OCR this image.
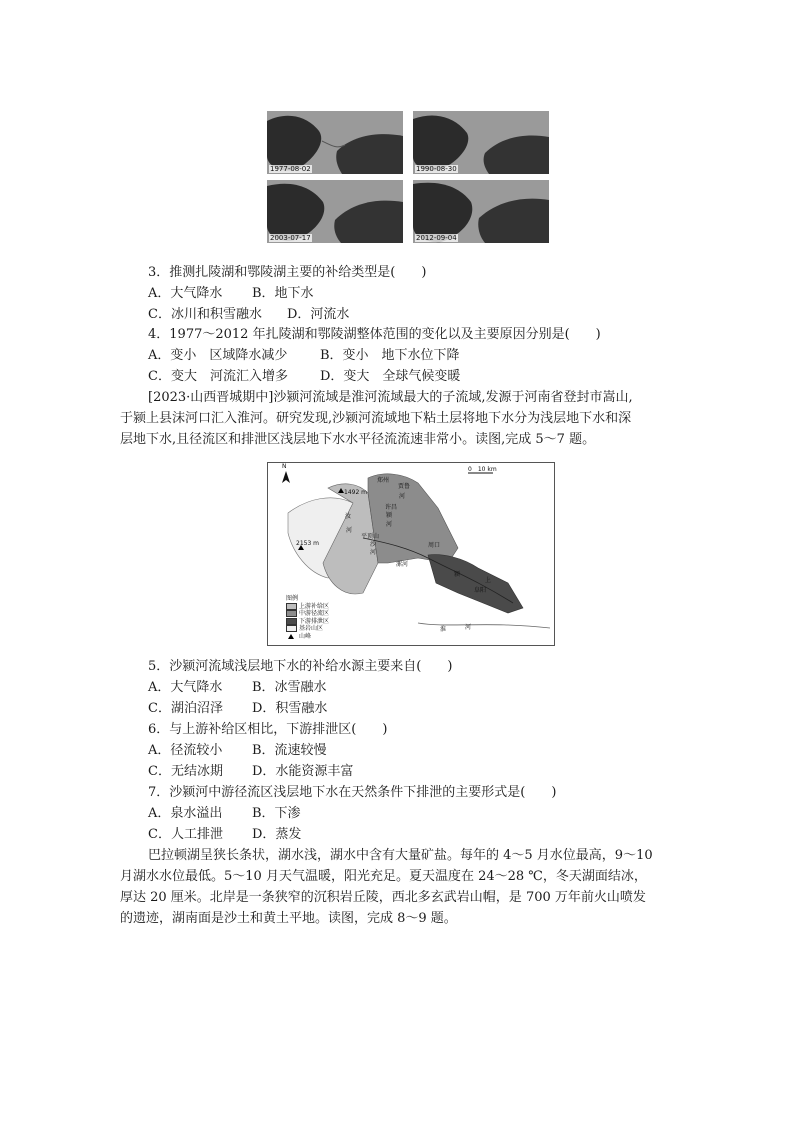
1977-08-02	1990-08-30
2003-07-17	2012-09-04
3．推测扎陵湖和鄂陵湖主要的补给类型是(　　)
A．大气降水 B．地下水
C．冰川和积雪融水 D．河流水
4．1977～2012 年扎陵湖和鄂陵湖整体范围的变化以及主要原因分别是(　　)
A．变小　区域降水减少	B．变小　地下水位下降
C．变大　河流汇入增多 D．变大　全球气候变暖
[2023·山西晋城期中]沙颍河流域是淮河流域最大的子流域,发源于河南省登封市嵩山,
于颍上县沫河口汇入淮河。研究发现,沙颍河流域地下粘土层将地下水分为浅层地下水和深
层地下水,且径流区和排泄区浅层地下水水平径流流速非常小。读图,完成 5～7 题。
N	0　10 km
1492 m
2153 m
郑州
贾鲁
河
许昌
颍
汝
河
河
平顶山
沙
河
周口
漯河
颍
上
阜阳
淮	河
图例
上游补给区
中游径流区
下游排泄区
基岩山区
山峰
5．沙颍河流域浅层地下水的补给水源主要来自(　　)
A．大气降水 B．冰雪融水
C．湖泊沼泽 D．积雪融水
6．与上游补给区相比，下游排泄区(　　)
A．径流较小 B．流速较慢
C．无结冰期 D．水能资源丰富
7．沙颍河中游径流区浅层地下水在天然条件下排泄的主要形式是(　　)
A．泉水溢出 B．下渗
C．人工排泄 D．蒸发
巴拉顿湖呈狭长条状，湖水浅，湖水中含有大量矿盐。每年的 4～5 月水位最高，9～10
月湖水水位最低。5～10 月天气温暖，阳光充足。夏天温度在 24～28 ℃，冬天湖面结冰，
厚达 20 厘米。北岸是一条狭窄的沉积岩丘陵，西北多玄武岩山帽，是 700 万年前火山喷发
的遗迹，湖南面是沙土和黄土平地。读图，完成 8～9 题。
